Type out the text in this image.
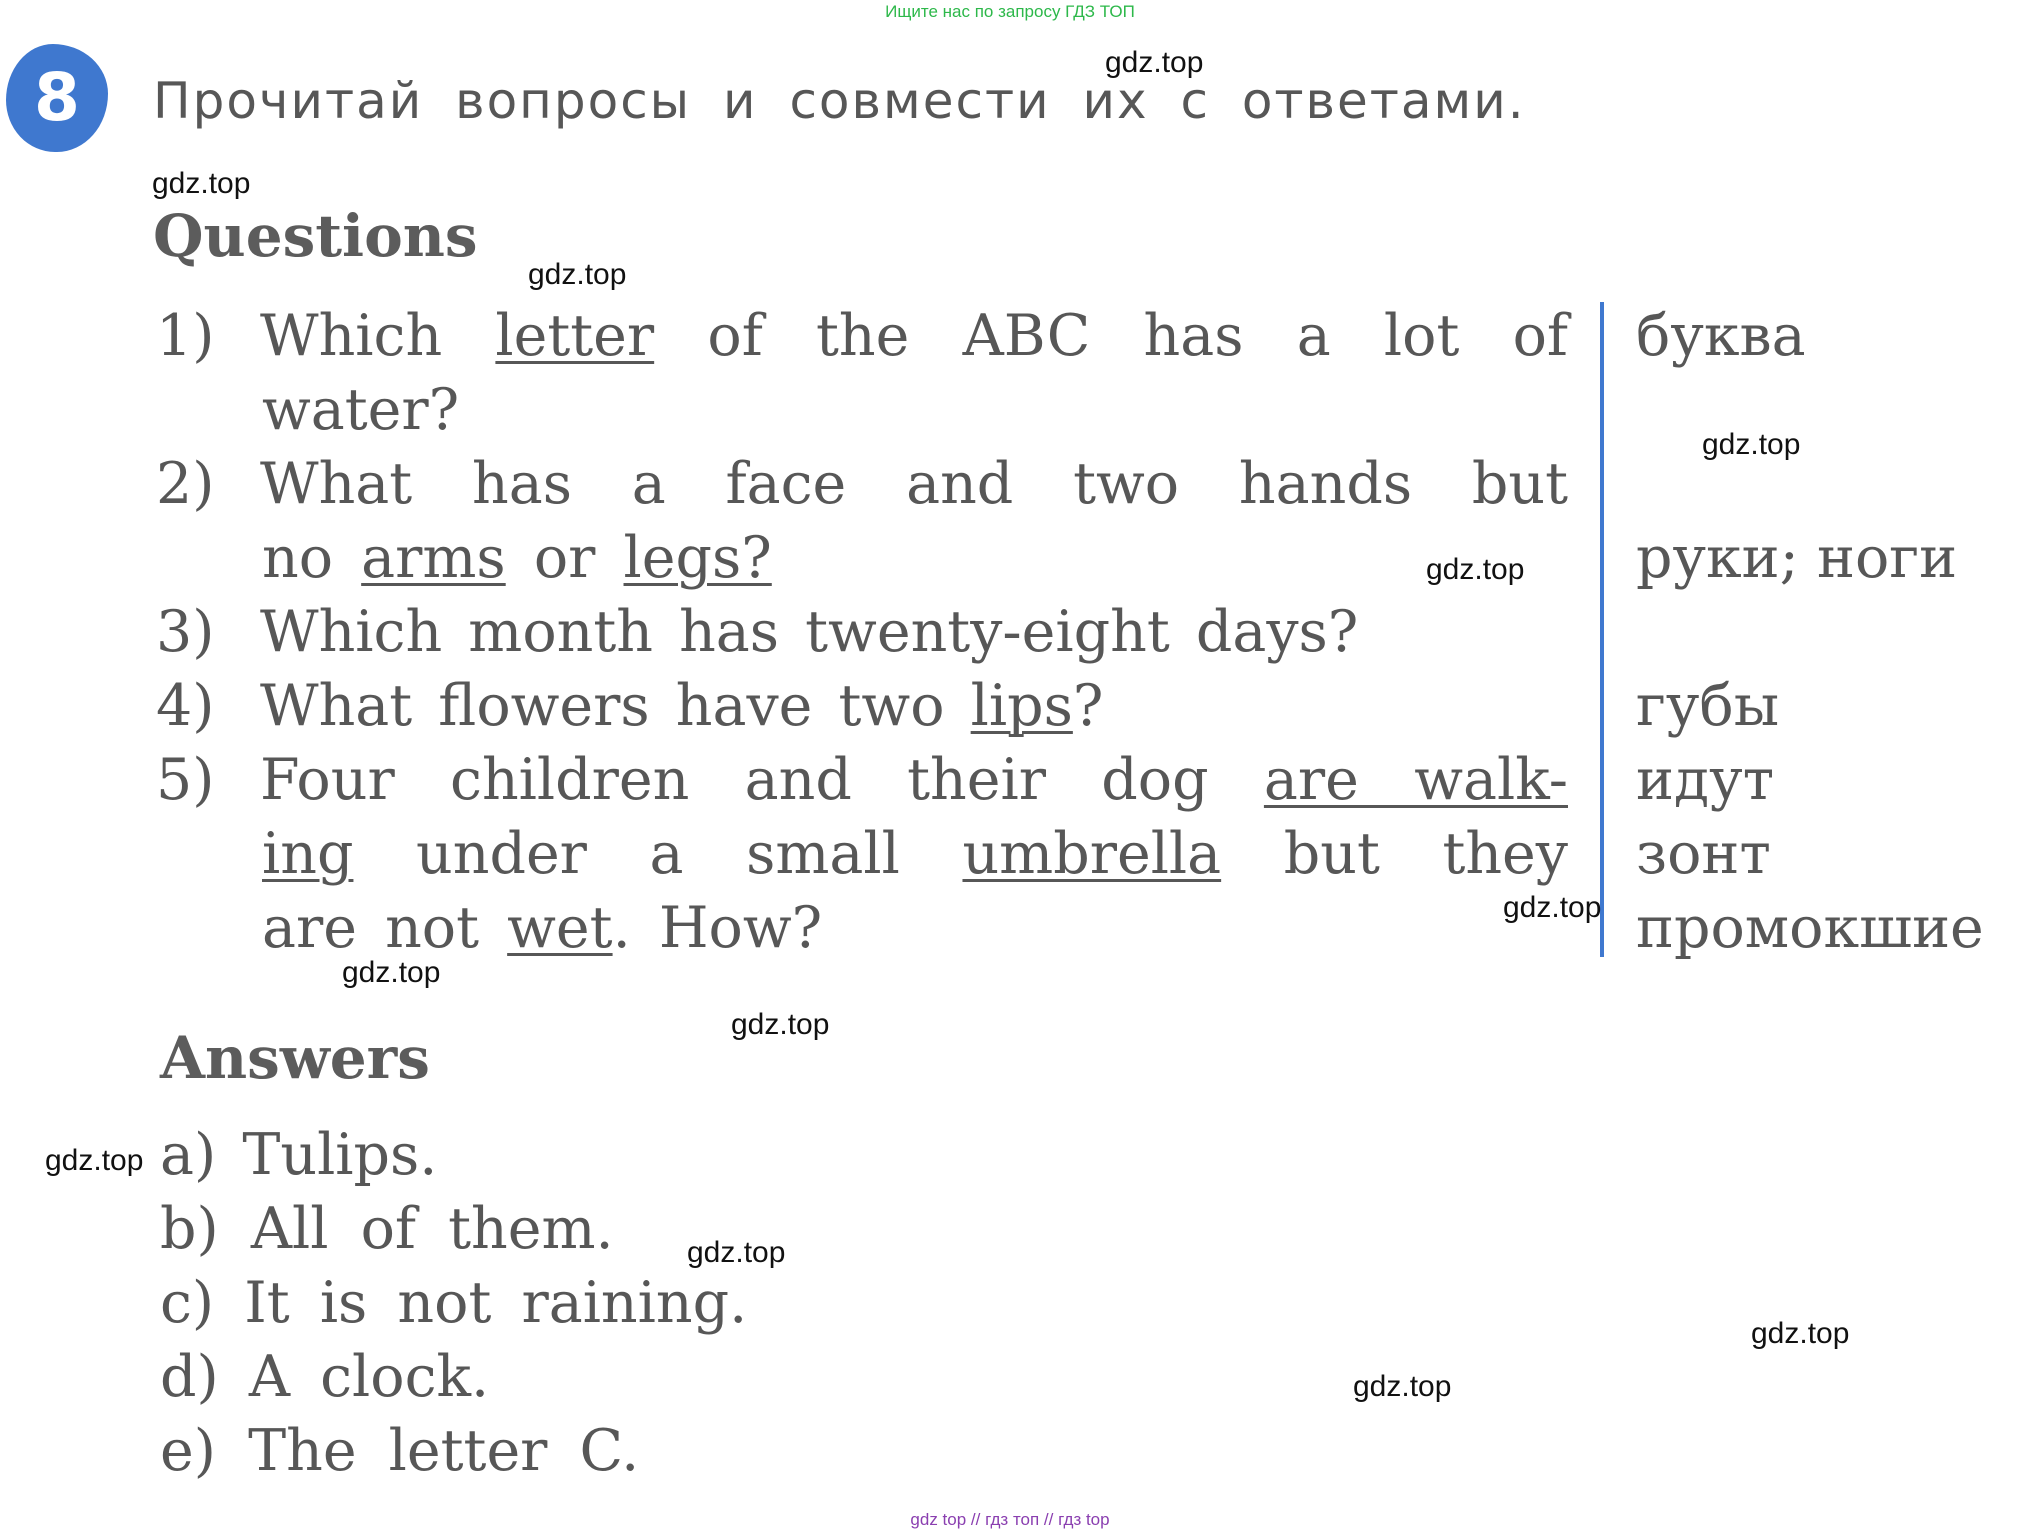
Ищите нас по запросу ГДЗ ТОП
8 Прочитай вопросы и совмести их с ответами.
Questions
1) Which letter of the ABC has a lot of
water?
2) What has a face and two hands but
no arms or legs?
3) Which month has twenty-eight days?
4) What flowers have two lips?
5) Four children and their dog are walk-
ing under a small umbrella but they
are not wet. How?
буква
руки; ноги
губы
идут
зонт
промокшие
Answers
a) Tulips.
b) All of them.
c) It is not raining.
d) A clock.
e) The letter C.
gdz.top
gdz.top
gdz.top
gdz.top
gdz.top
gdz.top
gdz.top
gdz.top
gdz.top
gdz.top
gdz.top
gdz.top
gdz top // гдз топ // гдз top
